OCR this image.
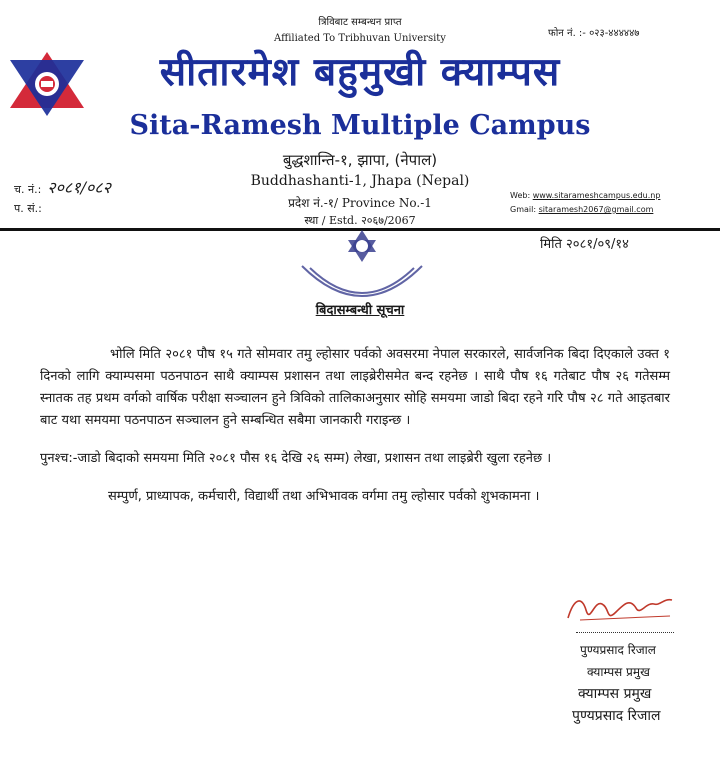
त्रिविबाट सम्बन्धन प्राप्त
Affiliated To Tribhuvan University	फोन नं. :- ०२३-४४४४४७
सीतारमेश बहुमुखी क्याम्पस
Sita-Ramesh Multiple Campus
बुद्धशान्ति-१, झापा, (नेपाल)
Buddhashanti-1, Jhapa (Nepal)
प्रदेश नं.-१/ Province No.-1
स्था / Estd. २०६७/2067
च. नं.: २०८१/०८२
प. सं.:
Web: www.sitarameshcampus.edu.np
Gmail: sitaramesh2067@gmail.com
मिति २०८१/०९/१४
बिदासम्बन्धी सूचना

भोलि मिति २०८१ पौष १५ गते सोमवार तमु ल्होसार पर्वको अवसरमा नेपाल सरकारले, सार्वजनिक बिदा दिएकाले उक्त १ दिनको लागि क्याम्पसमा पठनपाठन साथै क्याम्पस प्रशासन तथा लाइब्रेरीसमेत बन्द रहनेछ । साथै पौष १६ गतेबाट पौष २६ गतेसम्म स्नातक तह प्रथम वर्गको वार्षिक परीक्षा सञ्चालन हुने त्रिविको तालिकाअनुसार सोहि समयमा जाडो बिदा रहने गरि पौष २८ गते आइतबार बाट यथा समयमा पठनपाठन सञ्चालन हुने सम्बन्धित सबैमा जानकारी गराइन्छ ।

पुनश्च:-जाडो बिदाको समयमा मिति २०८१ पौस १६ देखि २६ सम्म) लेखा, प्रशासन तथा लाइब्रेरी खुला रहनेछ ।

सम्पुर्ण, प्राध्यापक, कर्मचारी, विद्यार्थी तथा अभिभावक वर्गमा तमु ल्होसार पर्वको शुभकामना ।

पुण्यप्रसाद रिजाल
क्याम्पस प्रमुख
क्याम्पस प्रमुख
पुण्यप्रसाद रिजाल
